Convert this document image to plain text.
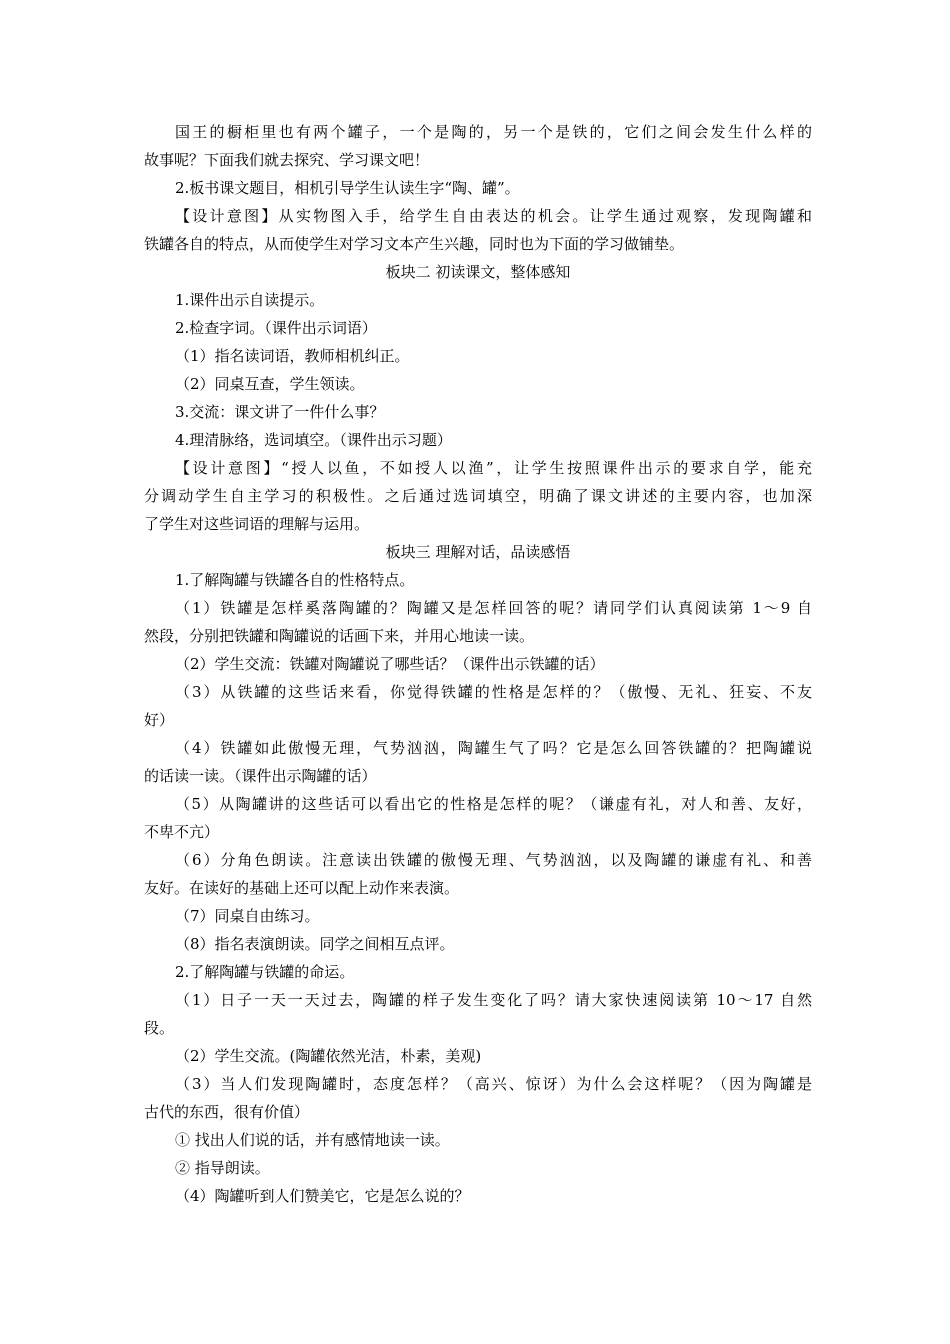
国王的橱柜里也有两个罐子，一个是陶的，另一个是铁的，它们之间会发生什么样的
故事呢？下面我们就去探究、学习课文吧！
2.板书课文题目，相机引导学生认读生字“陶、罐”。
【设计意图】从实物图入手，给学生自由表达的机会。让学生通过观察，发现陶罐和
铁罐各自的特点，从而使学生对学习文本产生兴趣，同时也为下面的学习做铺垫。
板块二 初读课文，整体感知
1.课件出示自读提示。
2.检查字词。（课件出示词语）
（1）指名读词语，教师相机纠正。
（2）同桌互查，学生领读。
3.交流：课文讲了一件什么事？
4.理清脉络，选词填空。（课件出示习题）
【设计意图】“授人以鱼，不如授人以渔”，让学生按照课件出示的要求自学，能充
分调动学生自主学习的积极性。之后通过选词填空，明确了课文讲述的主要内容，也加深
了学生对这些词语的理解与运用。
板块三 理解对话，品读感悟
1.了解陶罐与铁罐各自的性格特点。
（1）铁罐是怎样奚落陶罐的？陶罐又是怎样回答的呢？请同学们认真阅读第 1～9 自
然段，分别把铁罐和陶罐说的话画下来，并用心地读一读。
（2）学生交流：铁罐对陶罐说了哪些话？（课件出示铁罐的话）
（3）从铁罐的这些话来看，你觉得铁罐的性格是怎样的？（傲慢、无礼、狂妄、不友
好）
（4）铁罐如此傲慢无理，气势汹汹，陶罐生气了吗？它是怎么回答铁罐的？把陶罐说
的话读一读。（课件出示陶罐的话）
（5）从陶罐讲的这些话可以看出它的性格是怎样的呢？（谦虚有礼，对人和善、友好，
不卑不亢）
（6）分角色朗读。注意读出铁罐的傲慢无理、气势汹汹，以及陶罐的谦虚有礼、和善
友好。在读好的基础上还可以配上动作来表演。
（7）同桌自由练习。
（8）指名表演朗读。同学之间相互点评。
2.了解陶罐与铁罐的命运。
（1）日子一天一天过去，陶罐的样子发生变化了吗？请大家快速阅读第 10～17 自然
段。
（2）学生交流。(陶罐依然光洁，朴素，美观)
（3）当人们发现陶罐时，态度怎样？（高兴、惊讶）为什么会这样呢？（因为陶罐是
古代的东西，很有价值）
① 找出人们说的话，并有感情地读一读。
② 指导朗读。
（4）陶罐听到人们赞美它，它是怎么说的？
